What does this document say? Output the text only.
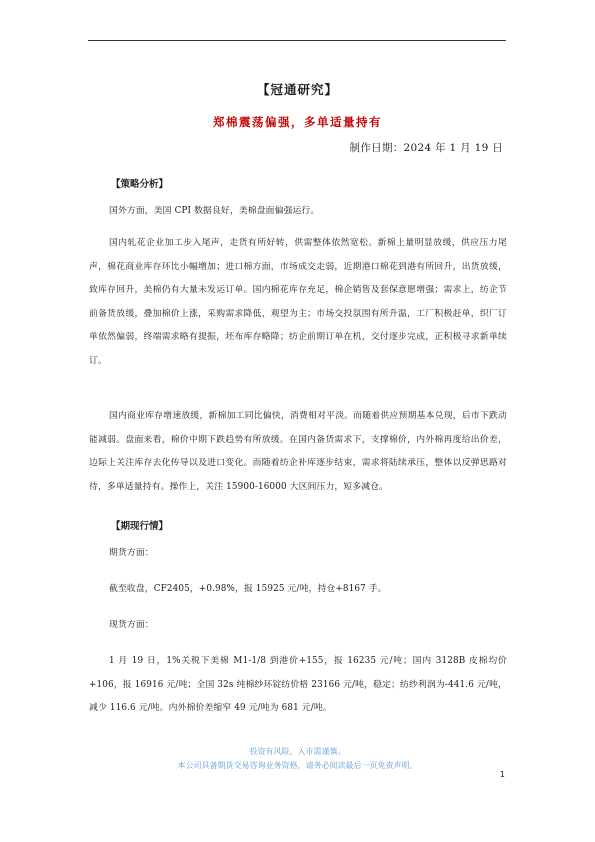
【冠通研究】
郑棉震荡偏强，多单适量持有
制作日期：2024 年 1 月 19 日
【策略分析】
国外方面，美国 CPI 数据良好，美棉盘面偏强运行。
国内轧花企业加工步入尾声，走货有所好转，供需整体依然宽松。新棉上量明显放缓，供应压力尾声，棉花商业库存环比小幅增加；进口棉方面，市场成交走弱，近期港口棉花到港有所回升，出货放缓，致库存回升，美棉仍有大量未发运订单。国内棉花库存充足，棉企销售及套保意愿增强；需求上，纺企节前备货放缓，叠加棉价上涨，采购需求降低，观望为主；市场交投氛围有所升温，工厂积极赶单，织厂订单依然偏弱，终端需求略有提振，坯布库存略降；纺企前期订单在机，交付逐步完成，正积极寻求新单续订。
国内商业库存增速放缓，新棉加工同比偏快，消费相对平淡。而随着供应预期基本兑现，后市下跌动能减弱。盘面来看，棉价中期下跌趋势有所放缓。在国内备货需求下，支撑棉价，内外棉再度给出价差，边际上关注库存去化传导以及进口变化。而随着纺企补库逐步结束，需求将陆续承压，整体以反弹思路对待，多单适量持有。操作上，关注 15900-16000 大区间压力，短多减仓。
【期现行情】
期货方面：
截至收盘，CF2405，+0.98%，报 15925 元/吨，持仓+8167 手。
现货方面：
1 月 19 日，1%关税下美棉 M1-1/8 到港价+155，报 16235 元/吨；国内 3128B 皮棉均价+106，报 16916 元/吨；全国 32s 纯棉纱环锭纺价格 23166 元/吨，稳定；纺纱利润为-441.6 元/吨，减少 116.6 元/吨。内外棉价差缩窄 49 元/吨为 681 元/吨。
投资有风险，入市需谨慎。
本公司具备期货交易咨询业务资格，请务必阅读最后一页免责声明。
1
